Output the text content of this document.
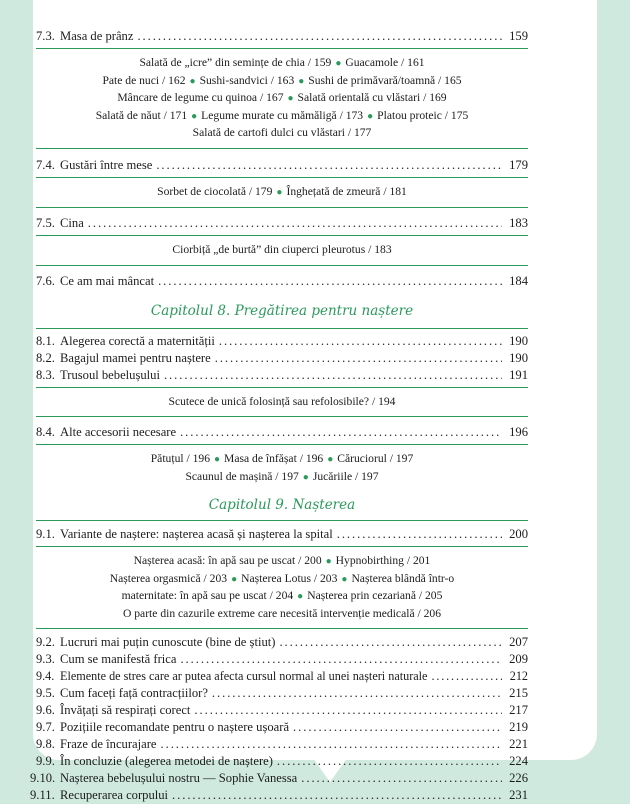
7.3. Masa de prânz . . .	159

Salată de „icre” din semințe de chia / 159 ● Guacamole / 161
Pate de nuci / 162 ● Sushi-sandvici / 163 ● Sushi de primăvară/toamnă / 165
Mâncare de legume cu quinoa / 167 ● Salată orientală cu vlăstari / 169
Salată de năut / 171 ● Legume murate cu mămăligă / 173 ● Platou proteic / 175
Salată de cartofi dulci cu vlăstari / 177

7.4. Gustări între mese . . .	179

Sorbet de ciocolată / 179 ● Înghețată de zmeură / 181

7.5. Cina . . .	183

Ciorbiță „de burtă” din ciuperci pleurotus / 183

7.6. Ce am mai mâncat . . .	184
Capitolul 8. Pregătirea pentru naștere
8.1. Alegerea corectă a maternității . . .	190
8.2. Bagajul mamei pentru naștere . . .	190
8.3. Trusoul bebelușului . . .	191

Scutece de unică folosință sau refolosibile? / 194

8.4. Alte accesorii necesare . . .	196

Pătuțul / 196 ● Masa de înfășat / 196 ● Căruciorul / 197
Scaunul de mașină / 197 ● Jucăriile / 197

Capitolul 9. Nașterea
9.1. Variante de naștere: nașterea acasă și nașterea la spital . . .	200

Nașterea acasă: în apă sau pe uscat / 200 ● Hypnobirthing / 201
Nașterea orgasmică / 203 ● Nașterea Lotus / 203 ● Nașterea blândă într-o
maternitate: în apă sau pe uscat / 204 ● Nașterea prin cezariană / 205
O parte din cazurile extreme care necesită intervenție medicală / 206

9.2. Lucruri mai puțin cunoscute (bine de știut) . . .	207
9.3. Cum se manifestă frica . . .	209
9.4. Elemente de stres care ar putea afecta cursul normal al unei nașteri naturale . . .	212
9.5. Cum faceți față contracțiilor? . . .	215
9.6. Învățați să respirați corect . . .	217
9.7. Pozițiile recomandate pentru o naștere ușoară . . .	219
9.8. Fraze de încurajare . . .	221
9.9. În concluzie (alegerea metodei de naștere) . . .	224
9.10. Nașterea bebelușului nostru — Sophie Vanessa . . .	226
9.11. Recuperarea corpului . . .	231
